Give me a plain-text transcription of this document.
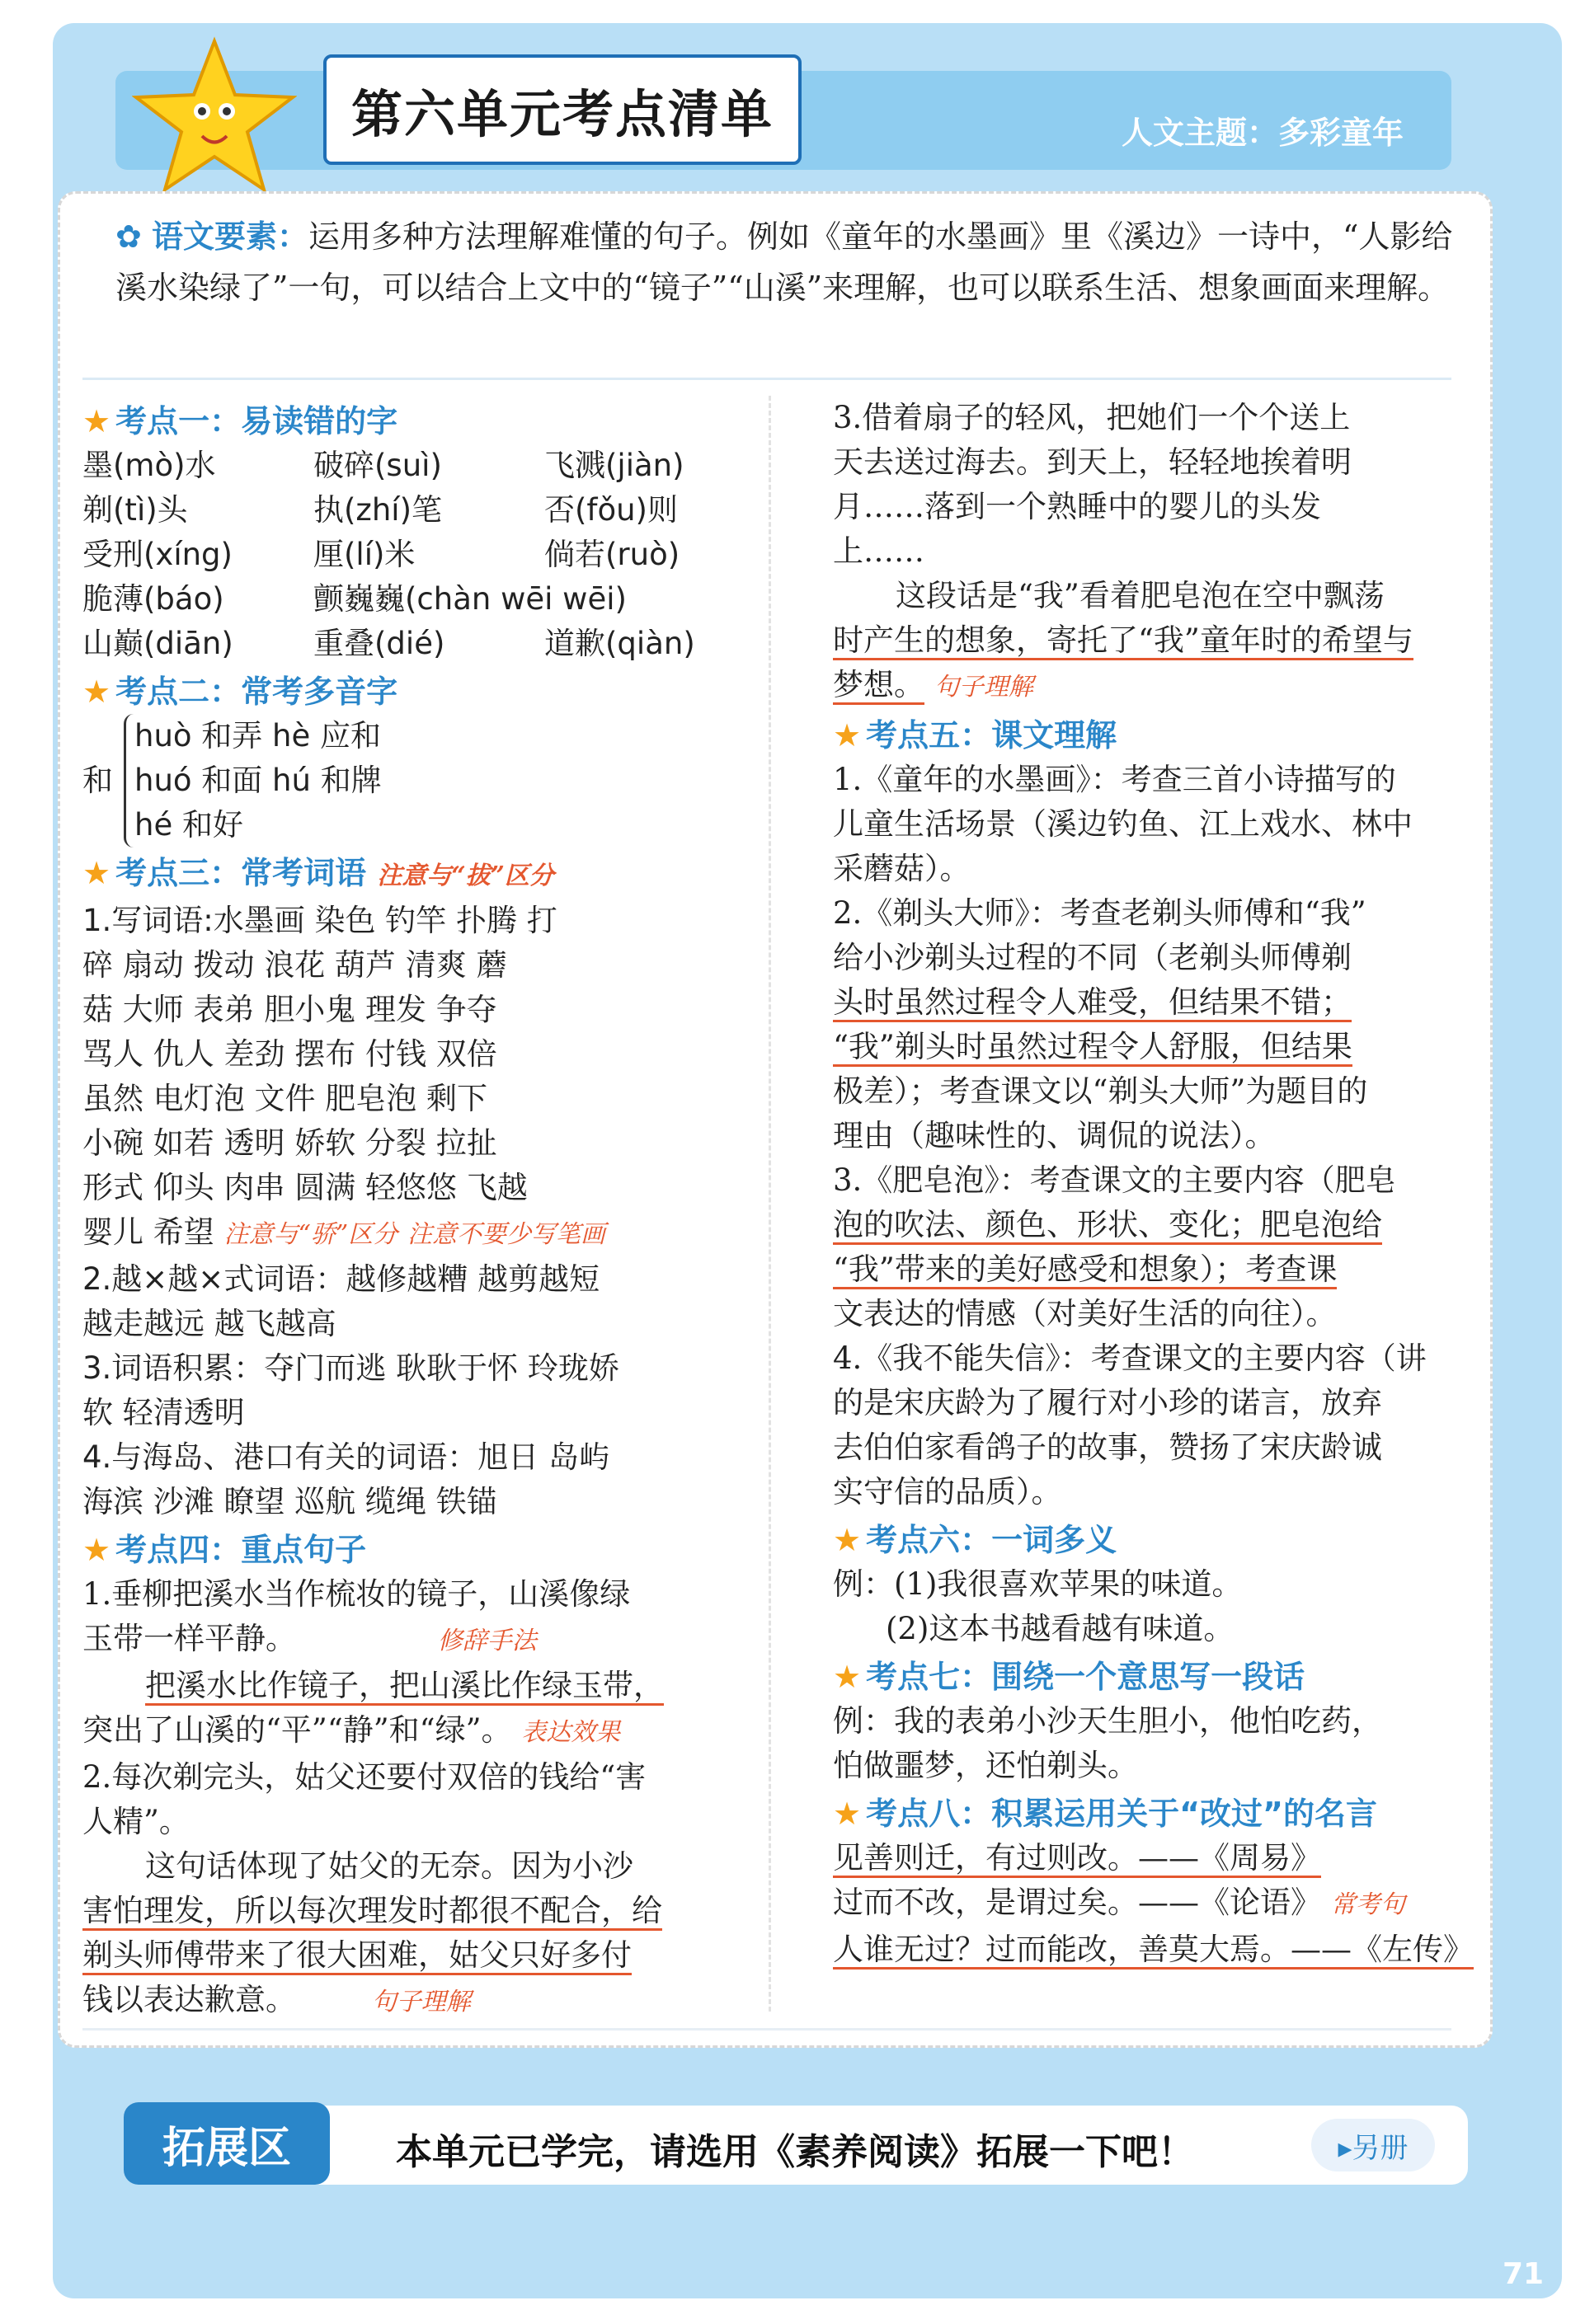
第六单元考点清单	人文主题：多彩童年
✿ 语文要素：运用多种方法理解难懂的句子。例如《童年的水墨画》里《溪边》一诗中，“人影给溪水染绿了”一句，可以结合上文中的“镜子”“山溪”来理解，也可以联系生活、想象画面来理解。
★ 考点一：易读错的字
墨(mò)水	破碎(suì)	飞溅(jiàn)
剃(tì)头	执(zhí)笔	否(fǒu)则
受刑(xíng)	厘(lí)米	倘若(ruò)
脆薄(báo)	颤巍巍(chàn wēi wēi)
山巅(diān)	重叠(dié)	道歉(qiàn)
★ 考点二：常考多音字
和
huò 和弄 hè 应和
huó 和面 hú 和牌
hé 和好
★ 考点三：常考词语 注意与“拔”区分
1.写词语:水墨画 染色 钓竿 扑腾 打
碎 扇动 拨动 浪花 葫芦 清爽 蘑
菇 大师 表弟 胆小鬼 理发 争夺
骂人 仇人 差劲 摆布 付钱 双倍
虽然 电灯泡 文件 肥皂泡 剩下
小碗 如若 透明 娇软 分裂 拉扯
形式 仰头 肉串 圆满 轻悠悠 飞越
婴儿 希望 注意与“骄”区分 注意不要少写笔画
2.越×越×式词语：越修越糟 越剪越短
越走越远 越飞越高
3.词语积累：夺门而逃 耿耿于怀 玲珑娇
软 轻清透明
4.与海岛、港口有关的词语：旭日 岛屿
海滨 沙滩 瞭望 巡航 缆绳 铁锚
★ 考点四：重点句子
1.垂柳把溪水当作梳妆的镜子，山溪像绿
玉带一样平静。	修辞手法
把溪水比作镜子，把山溪比作绿玉带，
突出了山溪的“平”“静”和“绿”。 表达效果
2.每次剃完头，姑父还要付双倍的钱给“害
人精”。
这句话体现了姑父的无奈。因为小沙
害怕理发，所以每次理发时都很不配合，给
剃头师傅带来了很大困难，姑父只好多付
钱以表达歉意。	句子理解
3.借着扇子的轻风，把她们一个个送上
天去送过海去。到天上，轻轻地挨着明
月……落到一个熟睡中的婴儿的头发
上……
这段话是“我”看着肥皂泡在空中飘荡
时产生的想象，寄托了“我”童年时的希望与
梦想。 句子理解
★ 考点五：课文理解
1.《童年的水墨画》：考查三首小诗描写的
儿童生活场景（溪边钓鱼、江上戏水、林中
采蘑菇）。
2.《剃头大师》：考查老剃头师傅和“我”
给小沙剃头过程的不同（老剃头师傅剃
头时虽然过程令人难受，但结果不错；
“我”剃头时虽然过程令人舒服，但结果
极差）；考查课文以“剃头大师”为题目的
理由（趣味性的、调侃的说法）。
3.《肥皂泡》：考查课文的主要内容（肥皂
泡的吹法、颜色、形状、变化；肥皂泡给
“我”带来的美好感受和想象）；考查课
文表达的情感（对美好生活的向往）。
4.《我不能失信》：考查课文的主要内容（讲
的是宋庆龄为了履行对小珍的诺言，放弃
去伯伯家看鸽子的故事，赞扬了宋庆龄诚
实守信的品质）。
★ 考点六：一词多义
例：(1)我很喜欢苹果的味道。
(2)这本书越看越有味道。
★ 考点七：围绕一个意思写一段话
例：我的表弟小沙天生胆小，他怕吃药，
怕做噩梦，还怕剃头。
★ 考点八：积累运用关于“改过”的名言
见善则迁，有过则改。——《周易》
过而不改，是谓过矣。——《论语》 常考句
人谁无过？过而能改，善莫大焉。——《左传》
拓展区	本单元已学完，请选用《素养阅读》拓展一下吧！	▸另册
71
